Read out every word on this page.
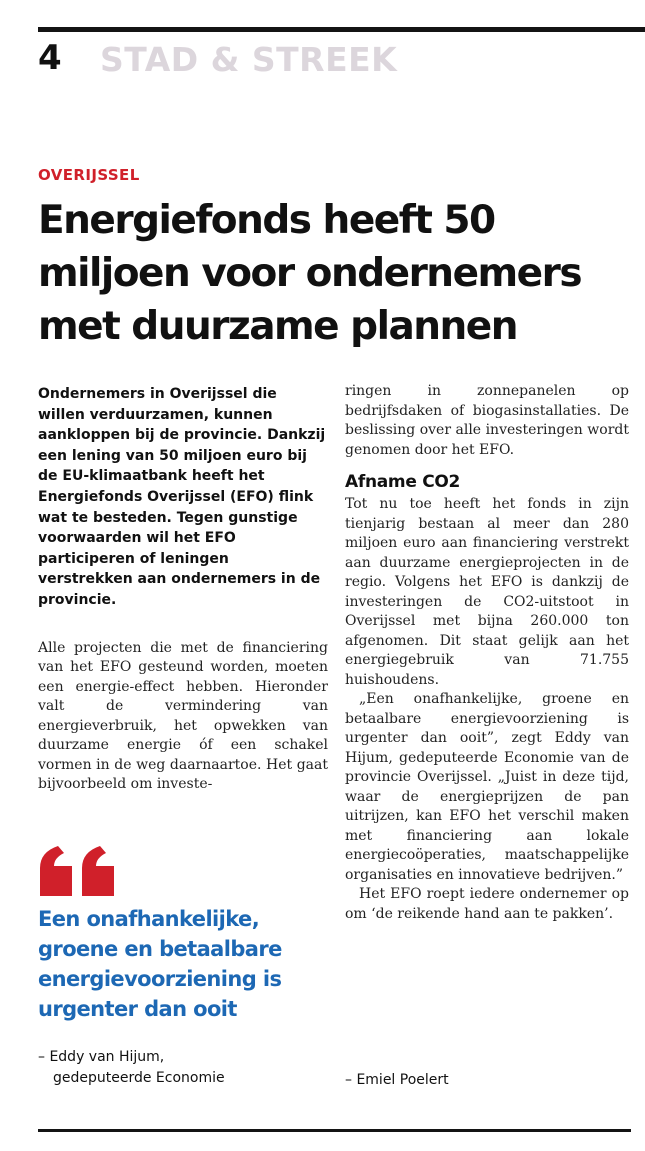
4 STAD & STREEK
OVERIJSSEL
Energiefonds heeft 50 miljoen voor ondernemers met duurzame plannen

Ondernemers in Overijssel die willen verduurzamen, kunnen aankloppen bij de provincie. Dankzij een lening van 50 miljoen euro bij de EU-klimaatbank heeft het Energiefonds Overijssel (EFO) flink wat te besteden. Tegen gunstige voorwaarden wil het EFO participeren of leningen verstrekken aan ondernemers in de provincie.

Alle projecten die met de financiering van het EFO gesteund worden, moeten een energie-effect hebben. Hieronder valt de vermindering van energieverbruik, het opwekken van duurzame energie óf een schakel vormen in de weg daarnaartoe. Het gaat bijvoorbeeld om investe-

Een onafhankelijke, groene en betaalbare energievoorziening is urgenter dan ooit

– Eddy van Hijum,
gedeputeerde Economie

ringen in zonnepanelen op bedrijfsdaken of biogasinstallaties. De beslissing over alle investeringen wordt genomen door het EFO.

Afname CO2

Tot nu toe heeft het fonds in zijn tienjarig bestaan al meer dan 280 miljoen euro aan financiering verstrekt aan duurzame energieprojecten in de regio. Volgens het EFO is dankzij de investeringen de CO2-uitstoot in Overijssel met bijna 260.000 ton afgenomen. Dit staat gelijk aan het energiegebruik van 71.755 huishoudens.

„Een onafhankelijke, groene en betaalbare energievoorziening is urgenter dan ooit”, zegt Eddy van Hijum, gedeputeerde Economie van de provincie Overijssel. „Juist in deze tijd, waar de energieprijzen de pan uitrijzen, kan EFO het verschil maken met financiering aan lokale energiecoöperaties, maatschappelijke organisaties en innovatieve bedrijven.”

Het EFO roept iedere ondernemer op om ‘de reikende hand aan te pakken’.

– Emiel Poelert
